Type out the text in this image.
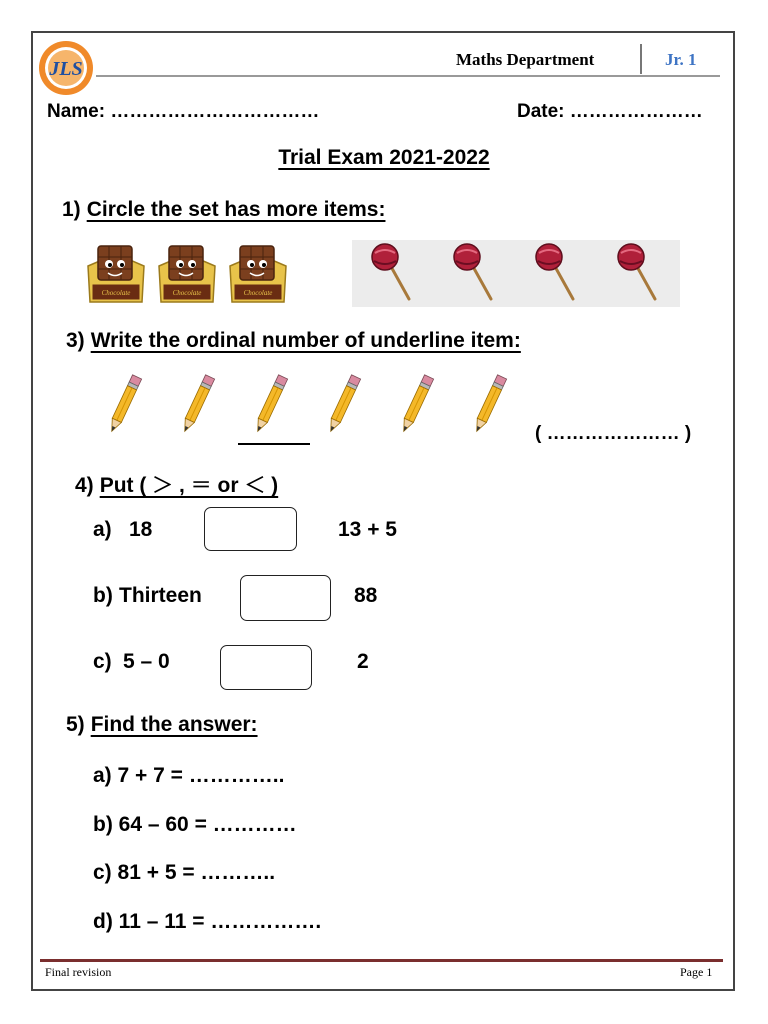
JLS	Maths Department	Jr. 1
Name: ……………………………	Date: …………………
Trial Exam 2021-2022
1) Circle the set has more items:
Chocolate	Chocolate	Chocolate
3) Write the ordinal number of underline item:
( ………………… )
4) Put ( ＞ , ＝ or ＜ )
a) 18	13 + 5
b) Thirteen	88
c) 5 – 0	2
5) Find the answer:
a) 7 + 7 = …………..
b) 64 – 60 = …………
c) 81 + 5 = ………..
d) 11 – 11 = …………….
Final revision	Page 1
